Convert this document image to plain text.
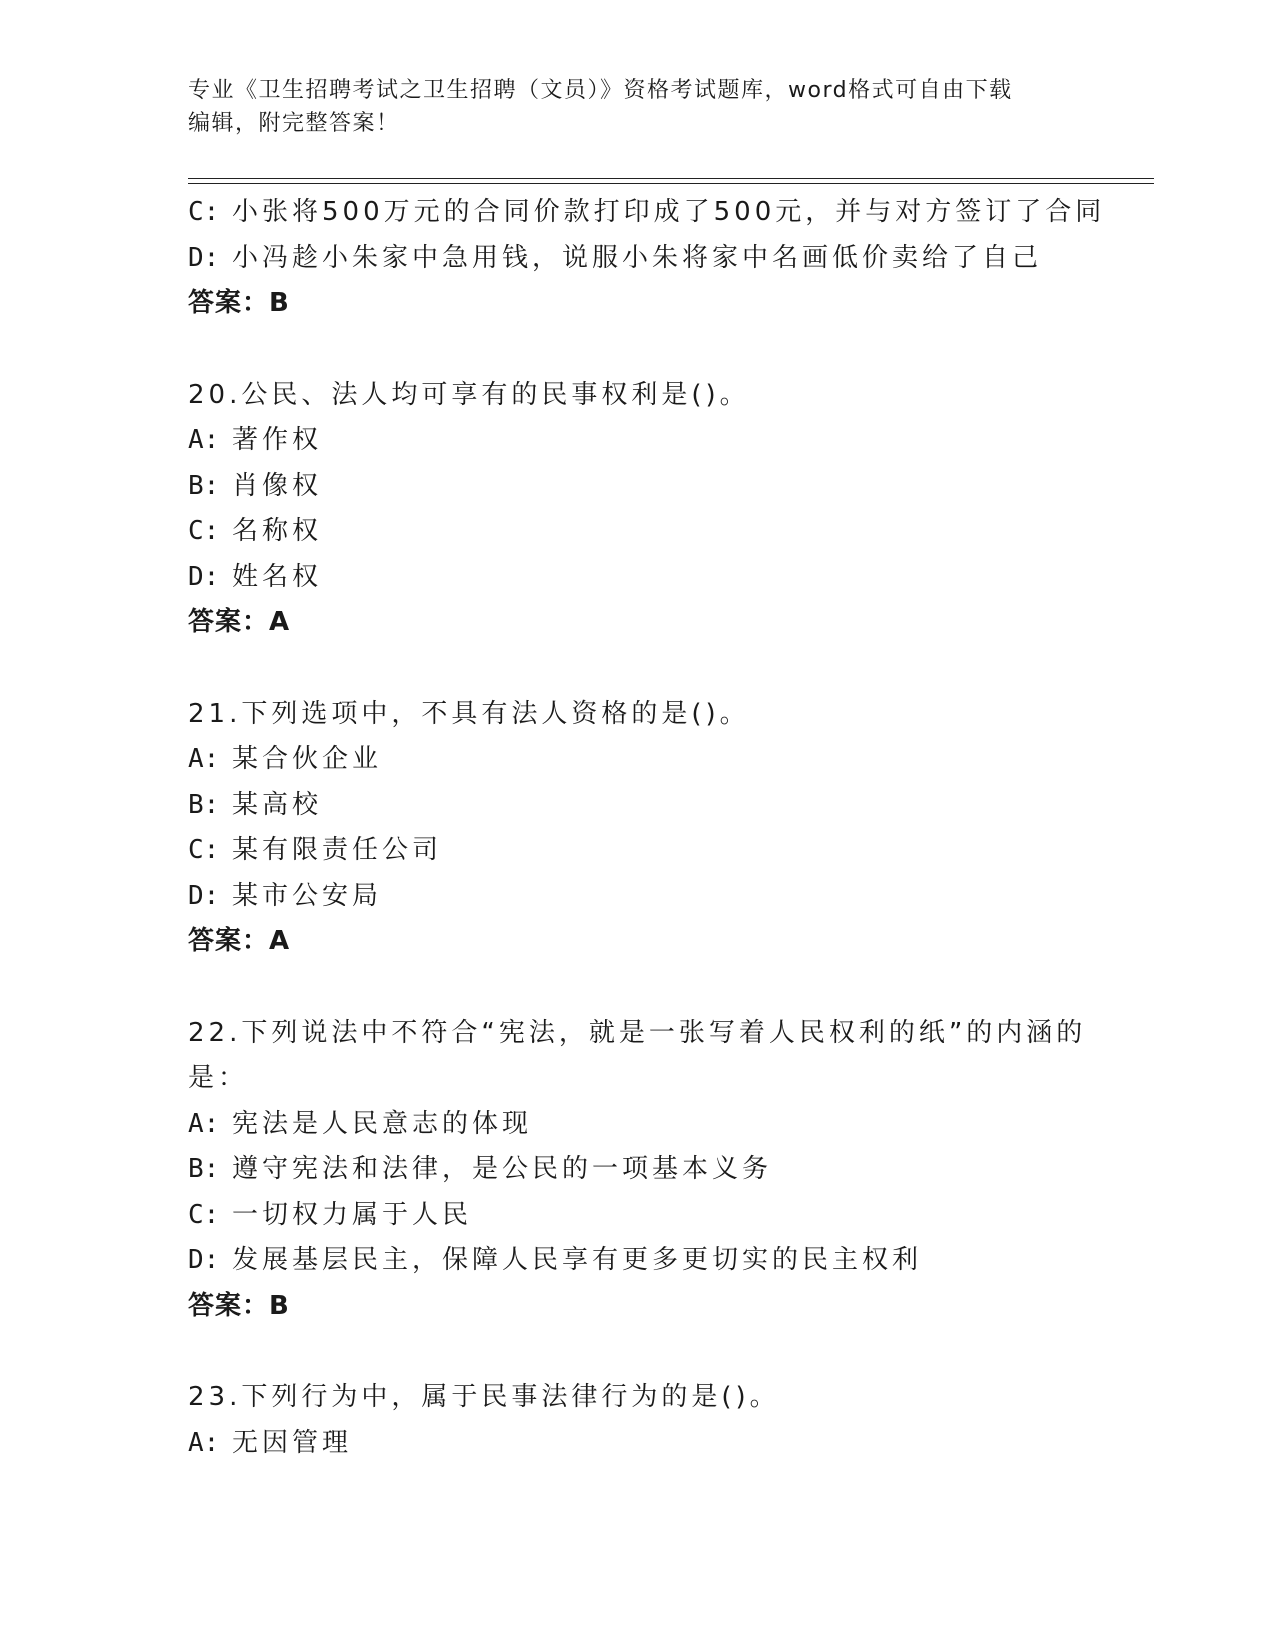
专业《卫生招聘考试之卫生招聘（文员）》资格考试题库，word格式可自由下载
编辑，附完整答案！
C: 小张将500万元的合同价款打印成了500元，并与对方签订了合同
D: 小冯趁小朱家中急用钱，说服小朱将家中名画低价卖给了自己
答案：B
20.公民、法人均可享有的民事权利是()。
A: 著作权
B: 肖像权
C: 名称权
D: 姓名权
答案：A
21.下列选项中，不具有法人资格的是()。
A: 某合伙企业
B: 某高校
C: 某有限责任公司
D: 某市公安局
答案：A
22.下列说法中不符合“宪法，就是一张写着人民权利的纸”的内涵的
是：
A: 宪法是人民意志的体现
B: 遵守宪法和法律，是公民的一项基本义务
C: 一切权力属于人民
D: 发展基层民主，保障人民享有更多更切实的民主权利
答案：B
23.下列行为中，属于民事法律行为的是()。
A: 无因管理
